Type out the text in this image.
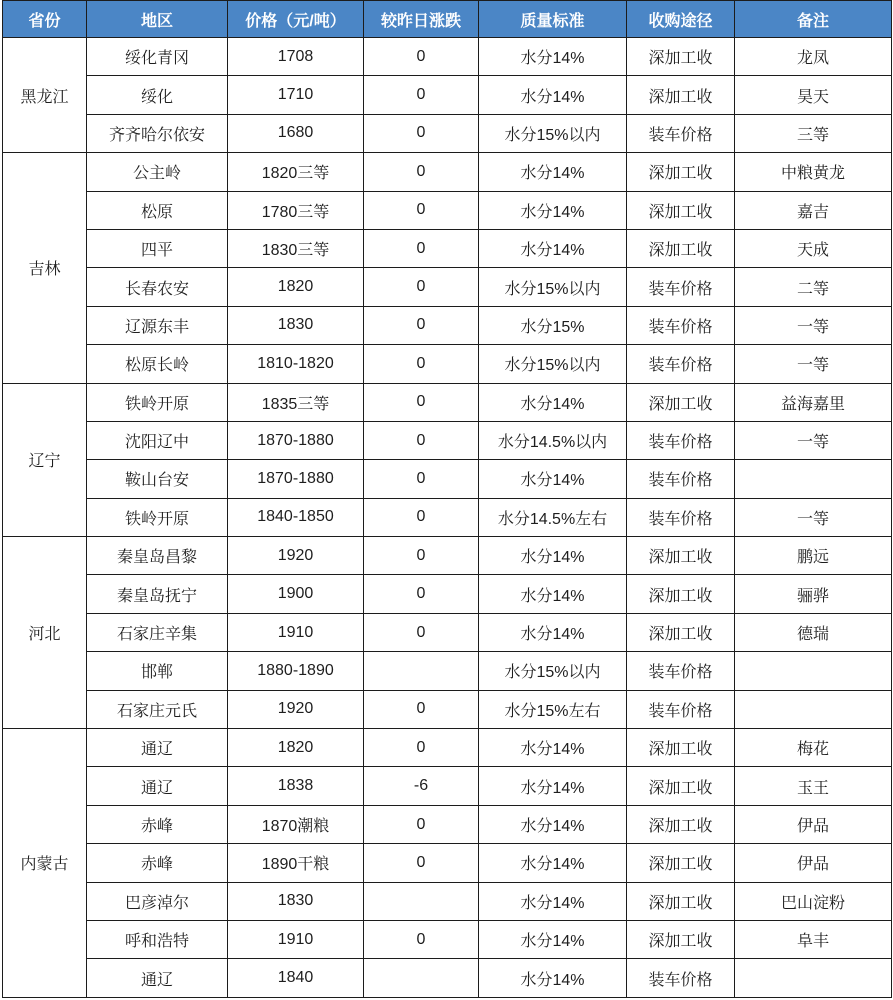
省份	地区	价格（元/吨）	较昨日涨跌	质量标准	收购途径	备注
黑龙江	绥化青冈	1708	0	水分14%	深加工收	龙凤
	绥化	1710	0	水分14%	深加工收	昊天
	齐齐哈尔依安	1680	0	水分15%以内	装车价格	三等
吉林	公主岭	1820三等	0	水分14%	深加工收	中粮黄龙
	松原	1780三等	0	水分14%	深加工收	嘉吉
	四平	1830三等	0	水分14%	深加工收	天成
	长春农安	1820	0	水分15%以内	装车价格	二等
	辽源东丰	1830	0	水分15%	装车价格	一等
	松原长岭	1810-1820	0	水分15%以内	装车价格	一等
辽宁	铁岭开原	1835三等	0	水分14%	深加工收	益海嘉里
	沈阳辽中	1870-1880	0	水分14.5%以内	装车价格	一等
	鞍山台安	1870-1880	0	水分14%	装车价格	
	铁岭开原	1840-1850	0	水分14.5%左右	装车价格	一等
河北	秦皇岛昌黎	1920	0	水分14%	深加工收	鹏远
	秦皇岛抚宁	1900	0	水分14%	深加工收	骊骅
	石家庄辛集	1910	0	水分14%	深加工收	德瑞
	邯郸	1880-1890		水分15%以内	装车价格	
	石家庄元氏	1920	0	水分15%左右	装车价格	
内蒙古	通辽	1820	0	水分14%	深加工收	梅花
	通辽	1838	-6	水分14%	深加工收	玉王
	赤峰	1870潮粮	0	水分14%	深加工收	伊品
	赤峰	1890干粮	0	水分14%	深加工收	伊品
	巴彦淖尔	1830		水分14%	深加工收	巴山淀粉
	呼和浩特	1910	0	水分14%	深加工收	阜丰
	通辽	1840		水分14%	装车价格	
